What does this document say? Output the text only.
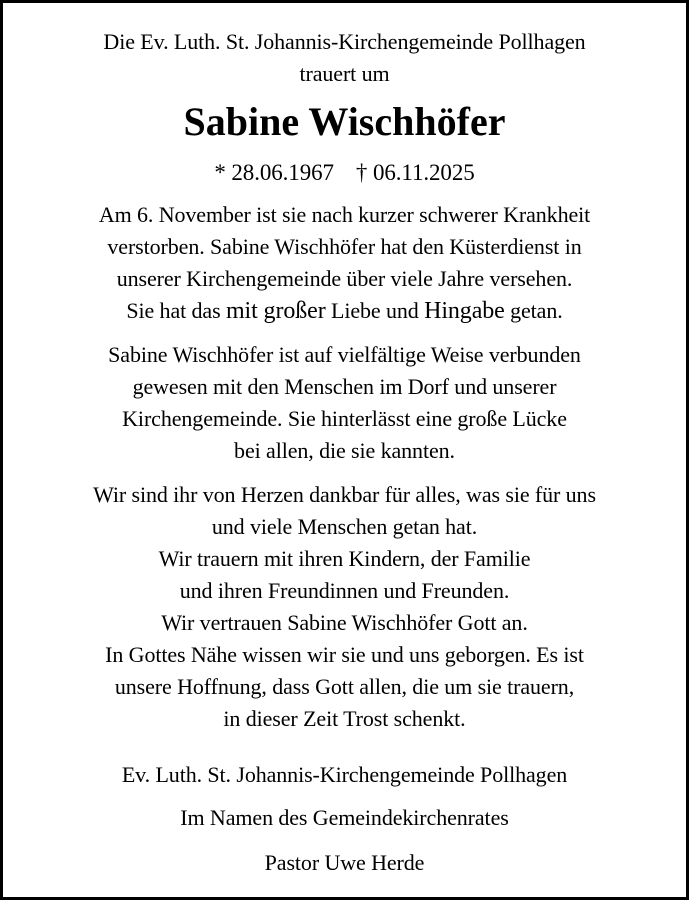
Die Ev. Luth. St. Johannis-Kirchengemeinde Pollhagen
trauert um
Sabine Wischhöfer
* 28.06.1967 † 06.11.2025
Am 6. November ist sie nach kurzer schwerer Krankheit
verstorben. Sabine Wischhöfer hat den Küsterdienst in
unserer Kirchengemeinde über viele Jahre versehen.
Sie hat das mit großer Liebe und Hingabe getan.
Sabine Wischhöfer ist auf vielfältige Weise verbunden
gewesen mit den Menschen im Dorf und unserer
Kirchengemeinde. Sie hinterlässt eine große Lücke
bei allen, die sie kannten.
Wir sind ihr von Herzen dankbar für alles, was sie für uns
und viele Menschen getan hat.
Wir trauern mit ihren Kindern, der Familie
und ihren Freundinnen und Freunden.
Wir vertrauen Sabine Wischhöfer Gott an.
In Gottes Nähe wissen wir sie und uns geborgen. Es ist
unsere Hoffnung, dass Gott allen, die um sie trauern,
in dieser Zeit Trost schenkt.
Ev. Luth. St. Johannis-Kirchengemeinde Pollhagen
Im Namen des Gemeindekirchenrates
Pastor Uwe Herde
